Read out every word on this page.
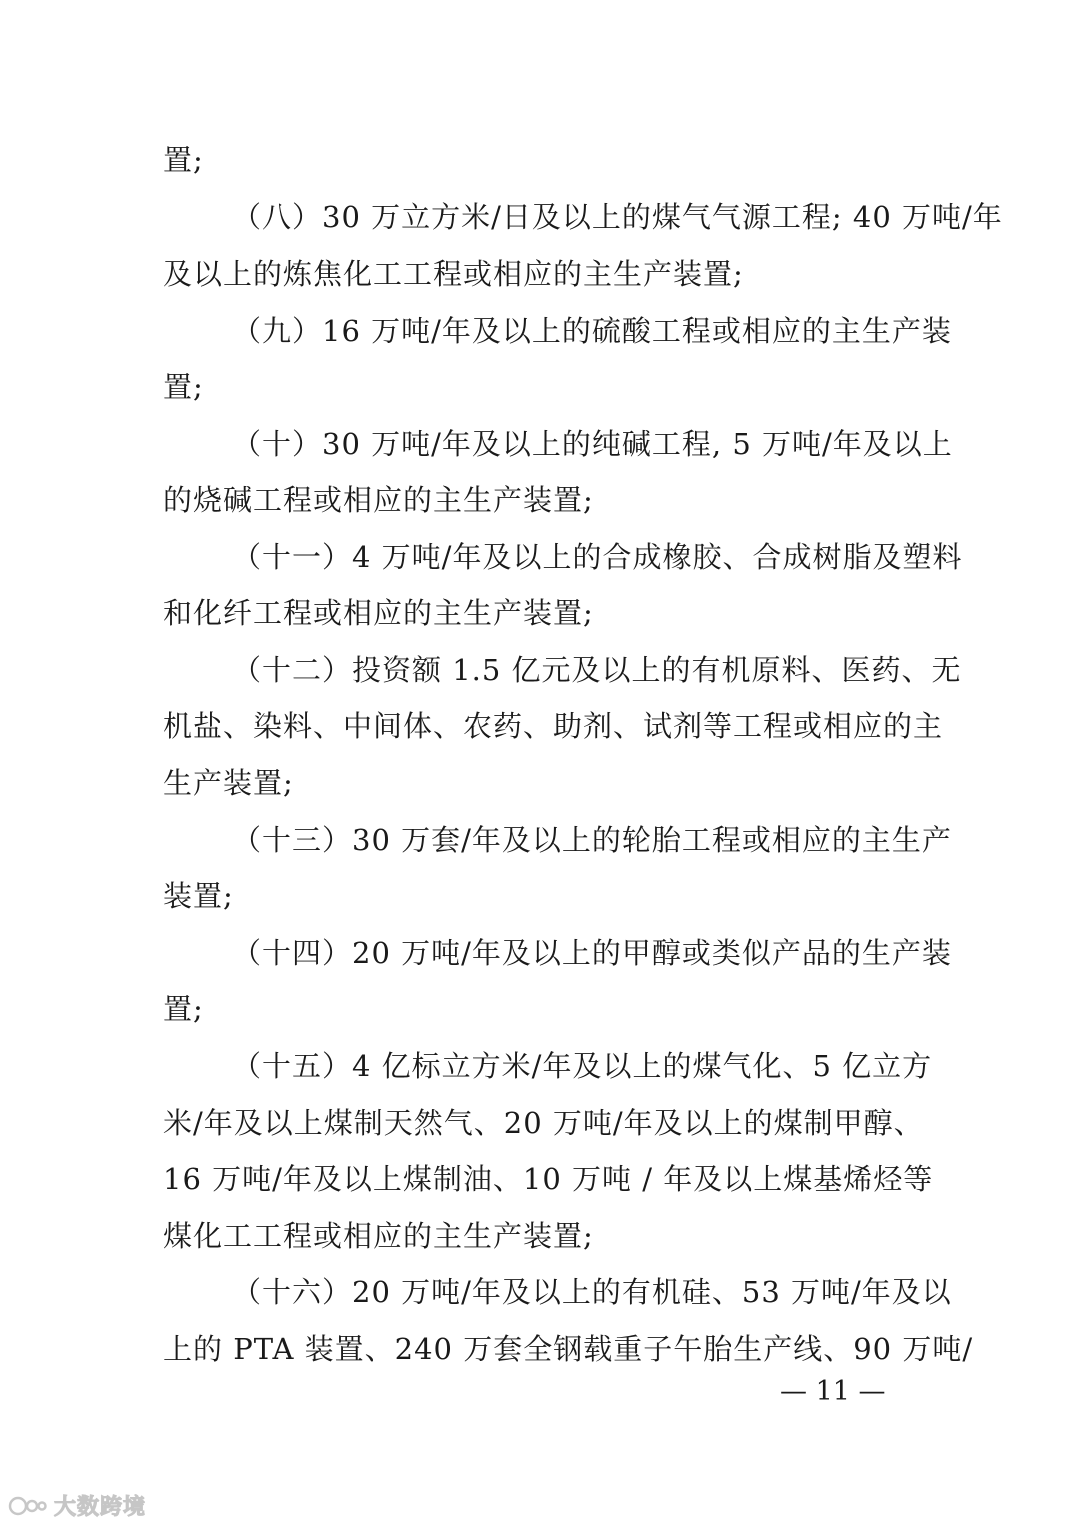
置;
（八）30 万立方米/日及以上的煤气气源工程; 40 万吨/年
及以上的炼焦化工工程或相应的主生产装置;
（九）16 万吨/年及以上的硫酸工程或相应的主生产装
置;
（十）30 万吨/年及以上的纯碱工程, 5 万吨/年及以上
的烧碱工程或相应的主生产装置;
（十一）4 万吨/年及以上的合成橡胶、合成树脂及塑料
和化纤工程或相应的主生产装置;
（十二）投资额 1.5 亿元及以上的有机原料、医药、无
机盐、染料、中间体、农药、助剂、试剂等工程或相应的主
生产装置;
（十三）30 万套/年及以上的轮胎工程或相应的主生产
装置;
（十四）20 万吨/年及以上的甲醇或类似产品的生产装
置;
（十五）4 亿标立方米/年及以上的煤气化、5 亿立方
米/年及以上煤制天然气、20 万吨/年及以上的煤制甲醇、
16 万吨/年及以上煤制油、10 万吨 / 年及以上煤基烯烃等
煤化工工程或相应的主生产装置;
（十六）20 万吨/年及以上的有机硅、53 万吨/年及以
上的 PTA 装置、240 万套全钢载重子午胎生产线、90 万吨/
— 11 —
大数跨境
